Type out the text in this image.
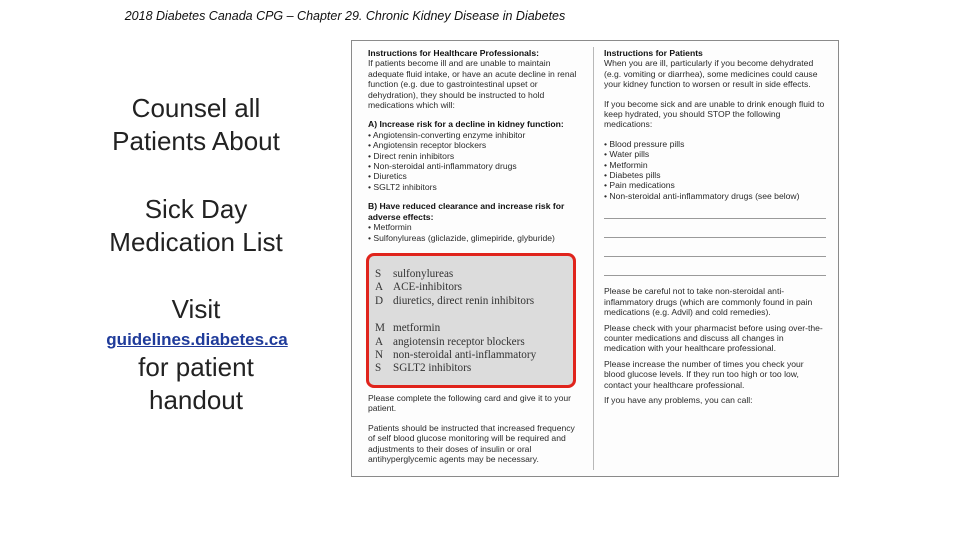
2018 Diabetes Canada CPG – Chapter 29. Chronic Kidney Disease in Diabetes
Counsel all
Patients About
Sick Day
Medication List
Visit
guidelines.diabetes.ca
for patient
handout

Instructions for Healthcare Professionals:

If patients become ill and are unable to maintain adequate fluid intake, or have an acute decline in renal function (e.g. due to gastrointestinal upset or dehydration), they should be instructed to hold medications which will:

A) Increase risk for a decline in kidney function:

• Angiotensin-converting enzyme inhibitor

• Angiotensin receptor blockers

• Direct renin inhibitors

• Non-steroidal anti-inflammatory drugs

• Diuretics

• SGLT2 inhibitors

B) Have reduced clearance and increase risk for adverse effects:

• Metformin

• Sulfonylureas (gliclazide, glimepiride, glyburide)

S	sulfonylureas
A ACE-inhibitors
D diuretics, direct renin inhibitors
M metformin
A angiotensin receptor blockers
N non-steroidal anti-inflammatory
S	SGLT2 inhibitors

Please complete the following card and give it to your patient.

Patients should be instructed that increased frequency of self blood glucose monitoring will be required and adjustments to their doses of insulin or oral antihyperglycemic agents may be necessary.

Instructions for Patients

When you are ill, particularly if you become dehydrated (e.g. vomiting or diarrhea), some medicines could cause your kidney function to worsen or result in side effects.

If you become sick and are unable to drink enough fluid to keep hydrated, you should STOP the following medications:

• Blood pressure pills

• Water pills

• Metformin

• Diabetes pills

• Pain medications

• Non-steroidal anti-inflammatory drugs (see below)

Please be careful not to take non-steroidal anti-inflammatory drugs (which are commonly found in pain medications (e.g. Advil) and cold remedies).

Please check with your pharmacist before using over-the-counter medications and discuss all changes in medication with your healthcare professional.

Please increase the number of times you check your blood glucose levels. If they run too high or too low, contact your healthcare professional.

If you have any problems, you can call:
